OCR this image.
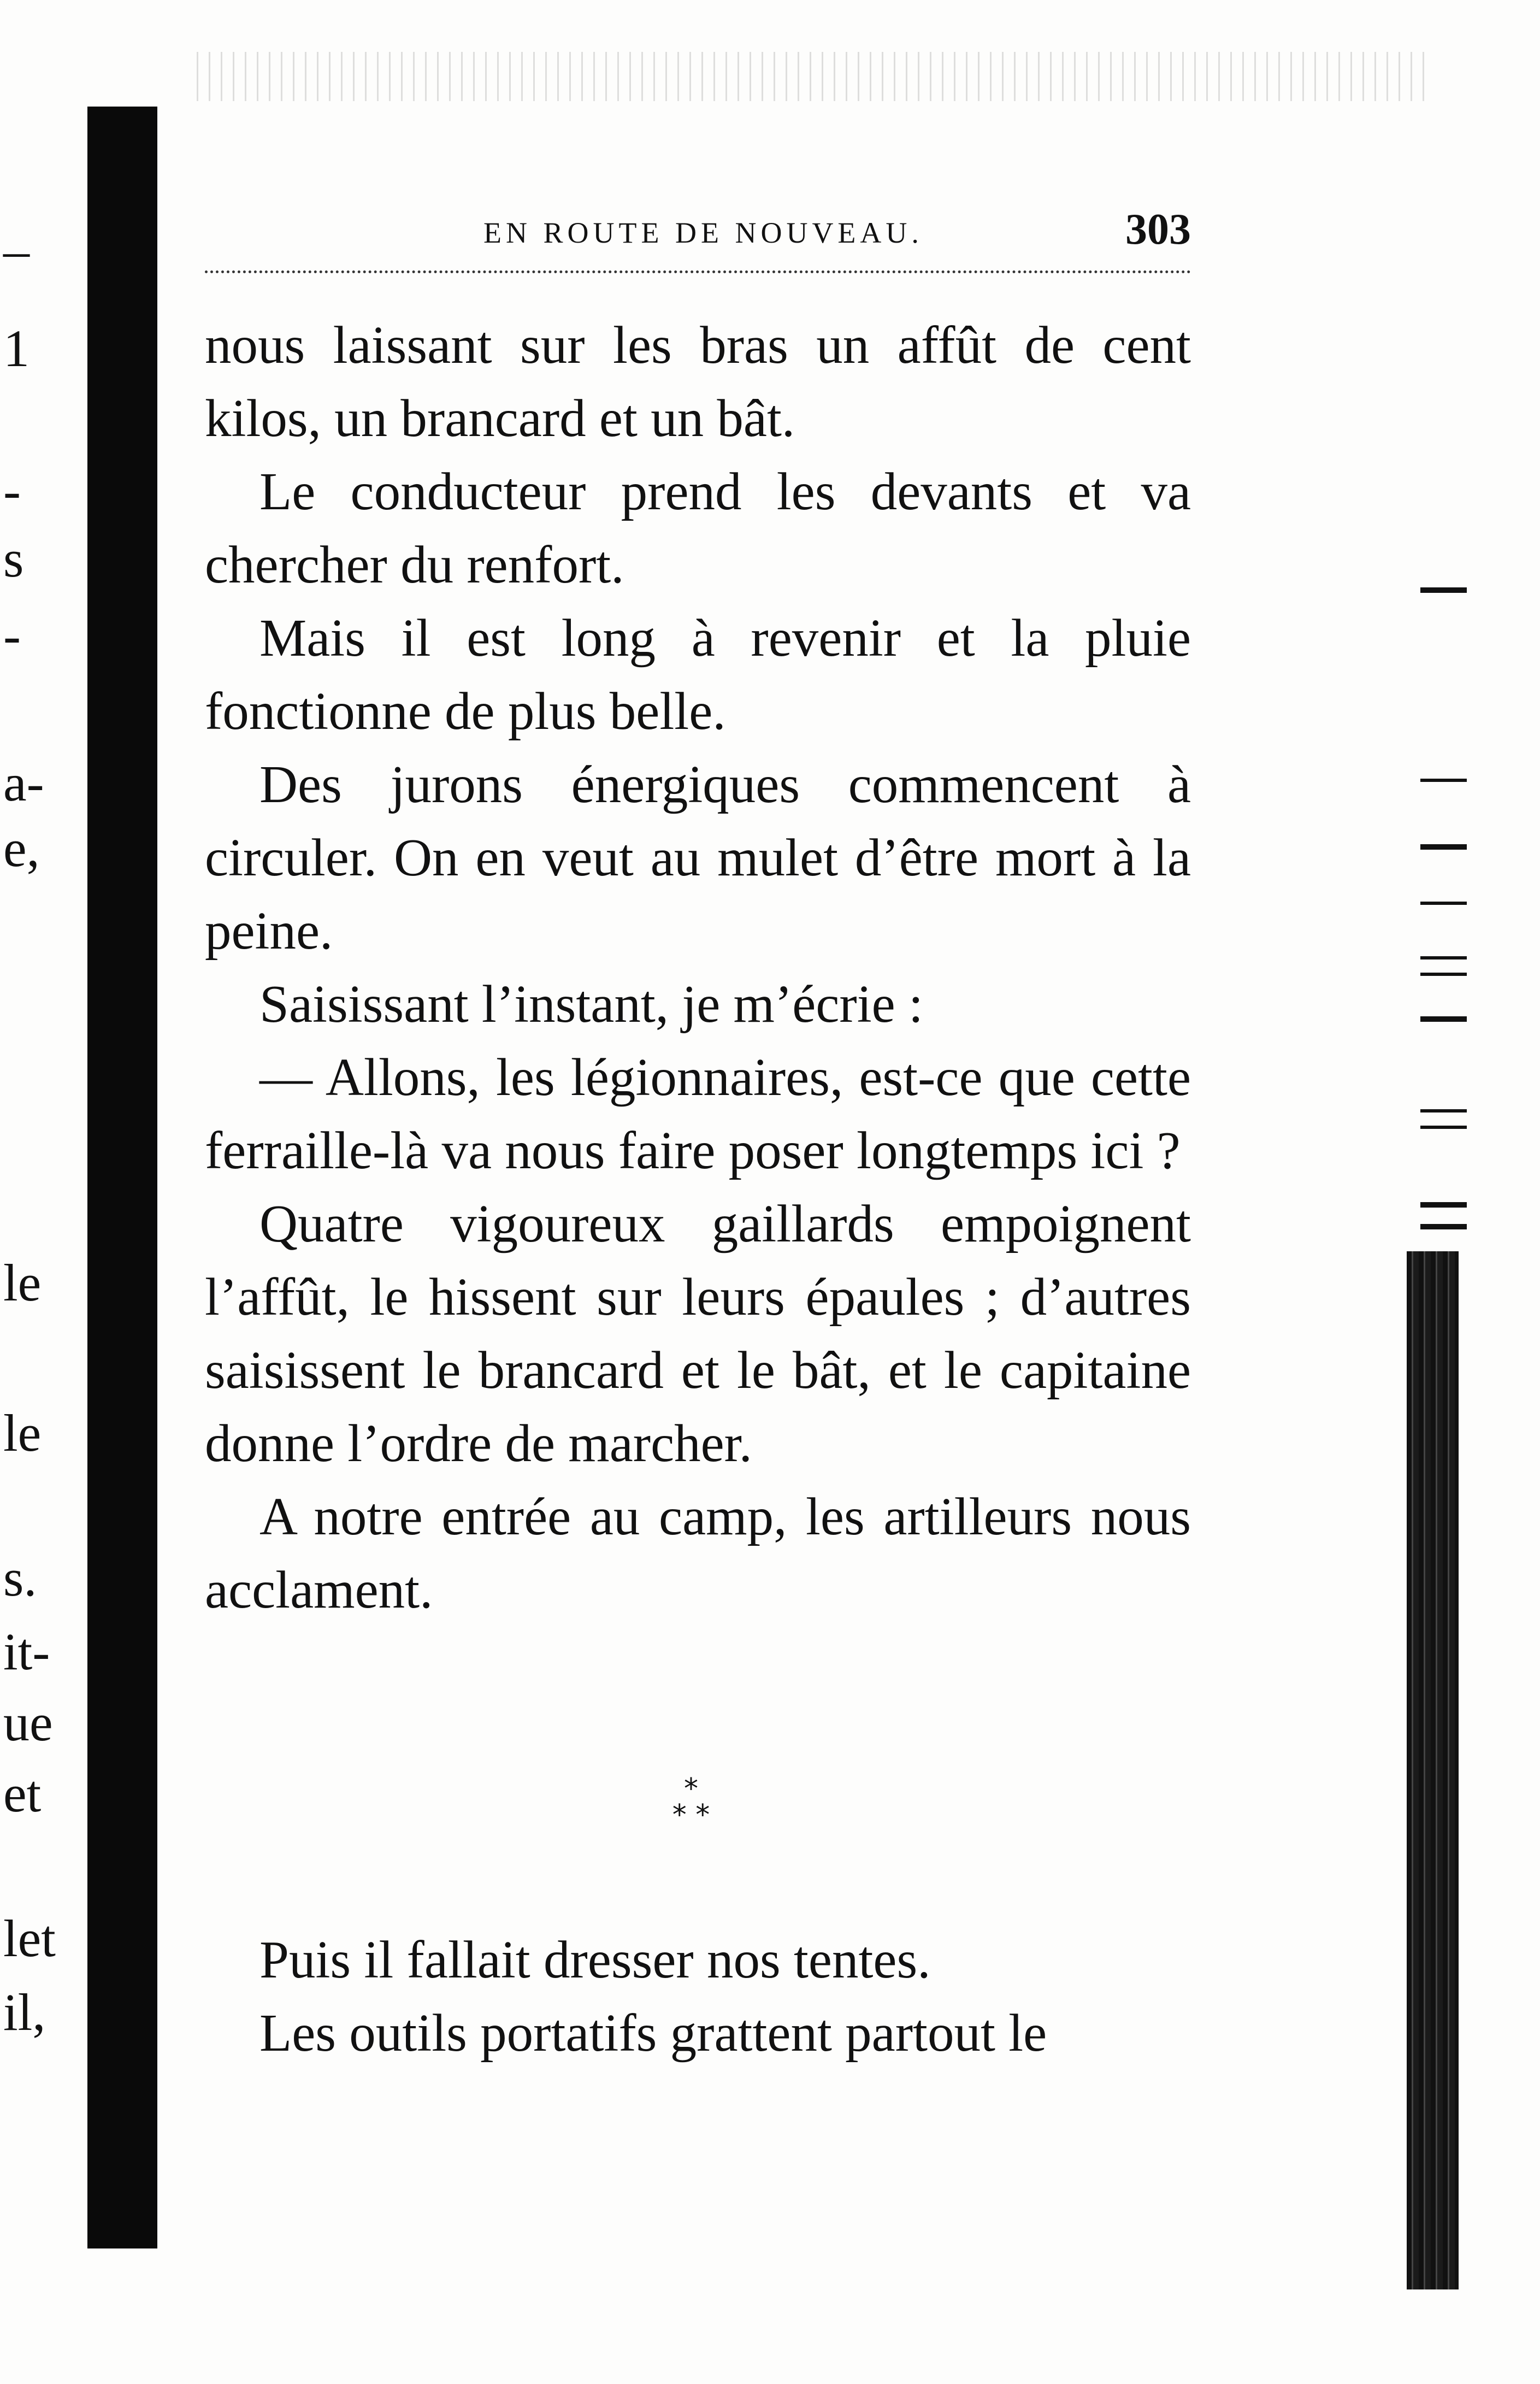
–
1
-
s
-
a-
e,
le
le
s.
it-
ue
et
let
il,
EN ROUTE DE NOUVEAU.	303

nous laissant sur les bras un affût de cent kilos, un brancard et un bât.

Le conducteur prend les devants et va chercher du renfort.

Mais il est long à revenir et la pluie fonctionne de plus belle.

Des jurons énergiques commencent à circuler. On en veut au mulet d’être mort à la peine.

Saisissant l’instant, je m’écrie :

— Allons, les légionnaires, est-ce que cette ferraille-là va nous faire poser longtemps ici ?

Quatre vigoureux gaillards empoignent l’affût, le hissent sur leurs épaules ; d’autres saisissent le brancard et le bât, et le capitaine donne l’ordre de marcher.

A notre entrée au camp, les artilleurs nous acclament.

*
* *

Puis il fallait dresser nos tentes.

Les outils portatifs grattent partout le
